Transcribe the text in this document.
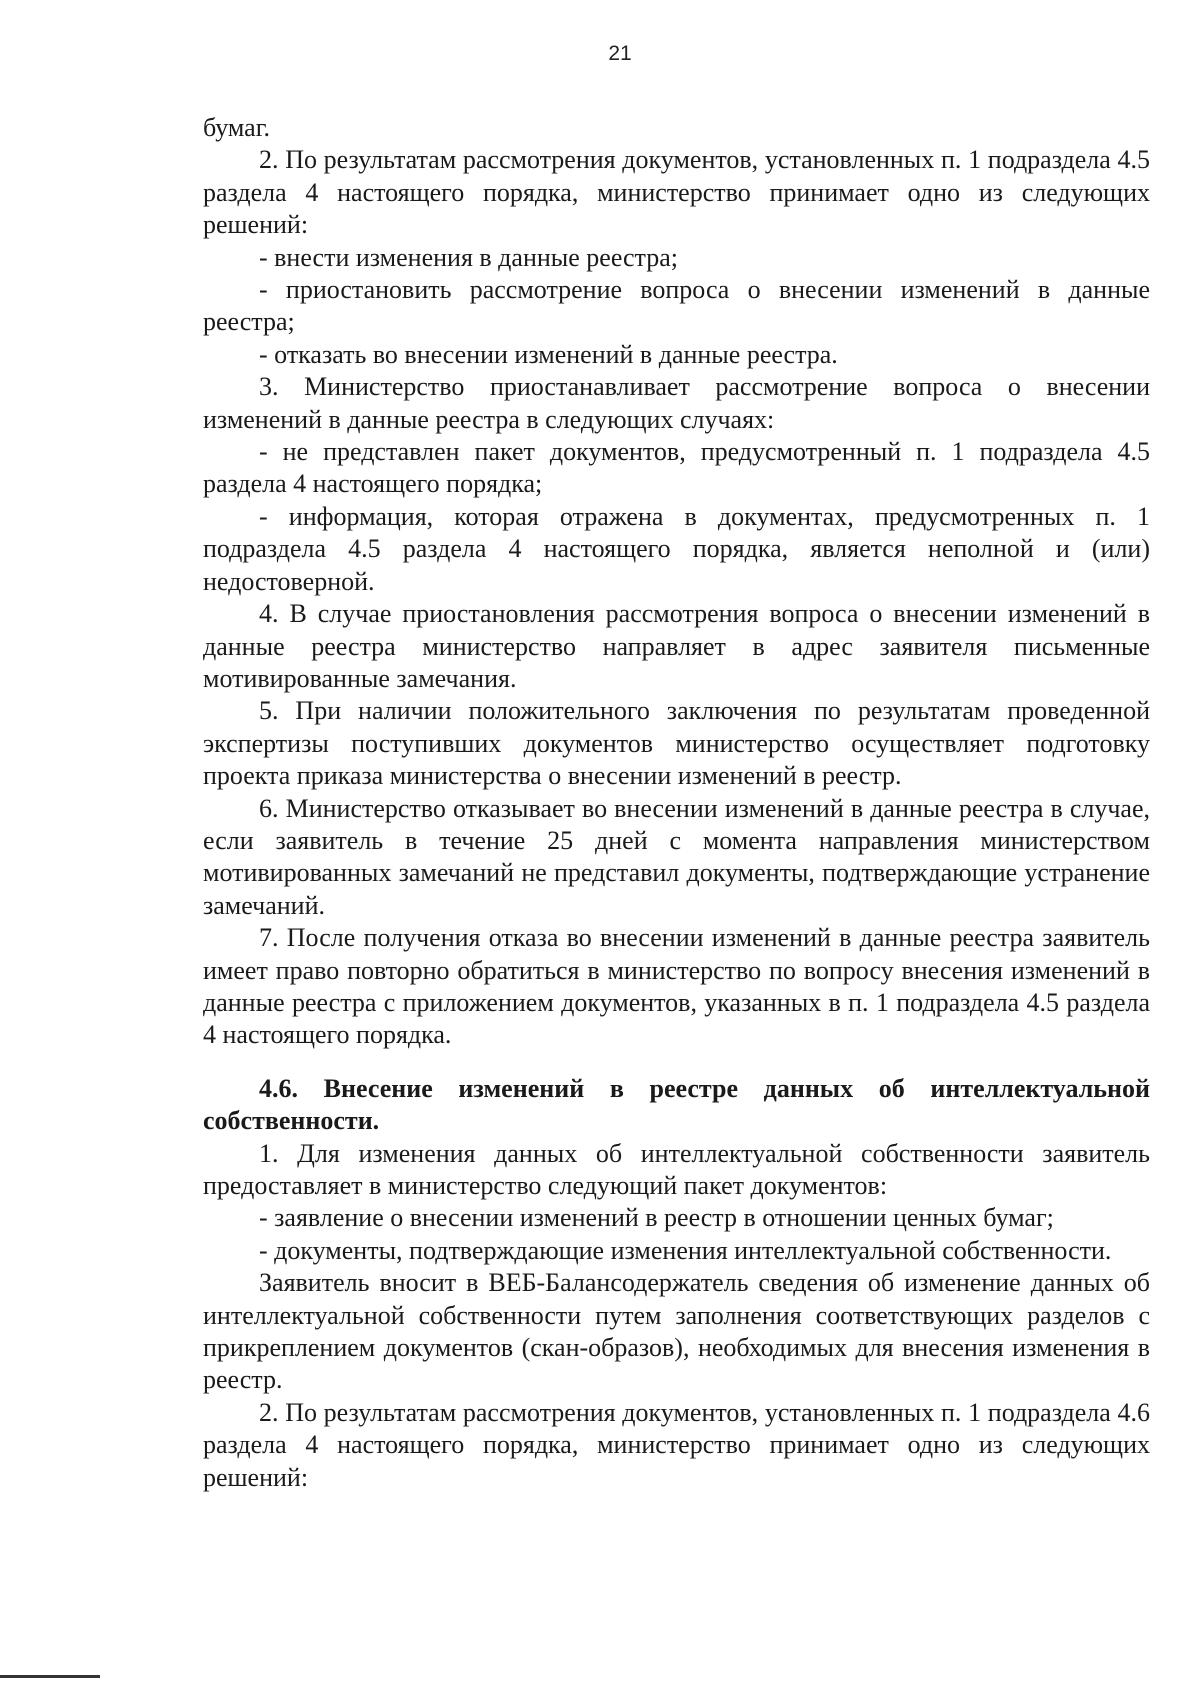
21

бумаг.

2. По результатам рассмотрения документов, установленных п. 1 подраздела 4.5 раздела 4 настоящего порядка, министерство принимает одно из следующих решений:

- внести изменения в данные реестра;

- приостановить рассмотрение вопроса о внесении изменений в данные реестра;

- отказать во внесении изменений в данные реестра.

3. Министерство приостанавливает рассмотрение вопроса о внесении изменений в данные реестра в следующих случаях:

- не представлен пакет документов, предусмотренный п. 1 подраздела 4.5 раздела 4 настоящего порядка;

- информация, которая отражена в документах, предусмотренных п. 1 подраздела 4.5 раздела 4 настоящего порядка, является неполной и (или) недостоверной.

4. В случае приостановления рассмотрения вопроса о внесении изменений в данные реестра министерство направляет в адрес заявителя письменные мотивированные замечания.

5. При наличии положительного заключения по результатам проведенной экспертизы поступивших документов министерство осуществляет подготовку проекта приказа министерства о внесении изменений в реестр.

6. Министерство отказывает во внесении изменений в данные реестра в случае, если заявитель в течение 25 дней с момента направления министерством мотивированных замечаний не представил документы, подтверждающие устранение замечаний.

7. После получения отказа во внесении изменений в данные реестра заявитель имеет право повторно обратиться в министерство по вопросу внесения изменений в данные реестра с приложением документов, указанных в п. 1 подраздела 4.5 раздела 4 настоящего порядка.

4.6. Внесение изменений в реестре данных об интеллектуальной собственности.

1. Для изменения данных об интеллектуальной собственности заявитель предоставляет в министерство следующий пакет документов:

- заявление о внесении изменений в реестр в отношении ценных бумаг;

- документы, подтверждающие изменения интеллектуальной собственности.

Заявитель вносит в ВЕБ-Балансодержатель сведения об изменение данных об интеллектуальной собственности путем заполнения соответствующих разделов с прикреплением документов (скан-образов), необходимых для внесения изменения в реестр.

2. По результатам рассмотрения документов, установленных п. 1 подраздела 4.6 раздела 4 настоящего порядка, министерство принимает одно из следующих решений:
